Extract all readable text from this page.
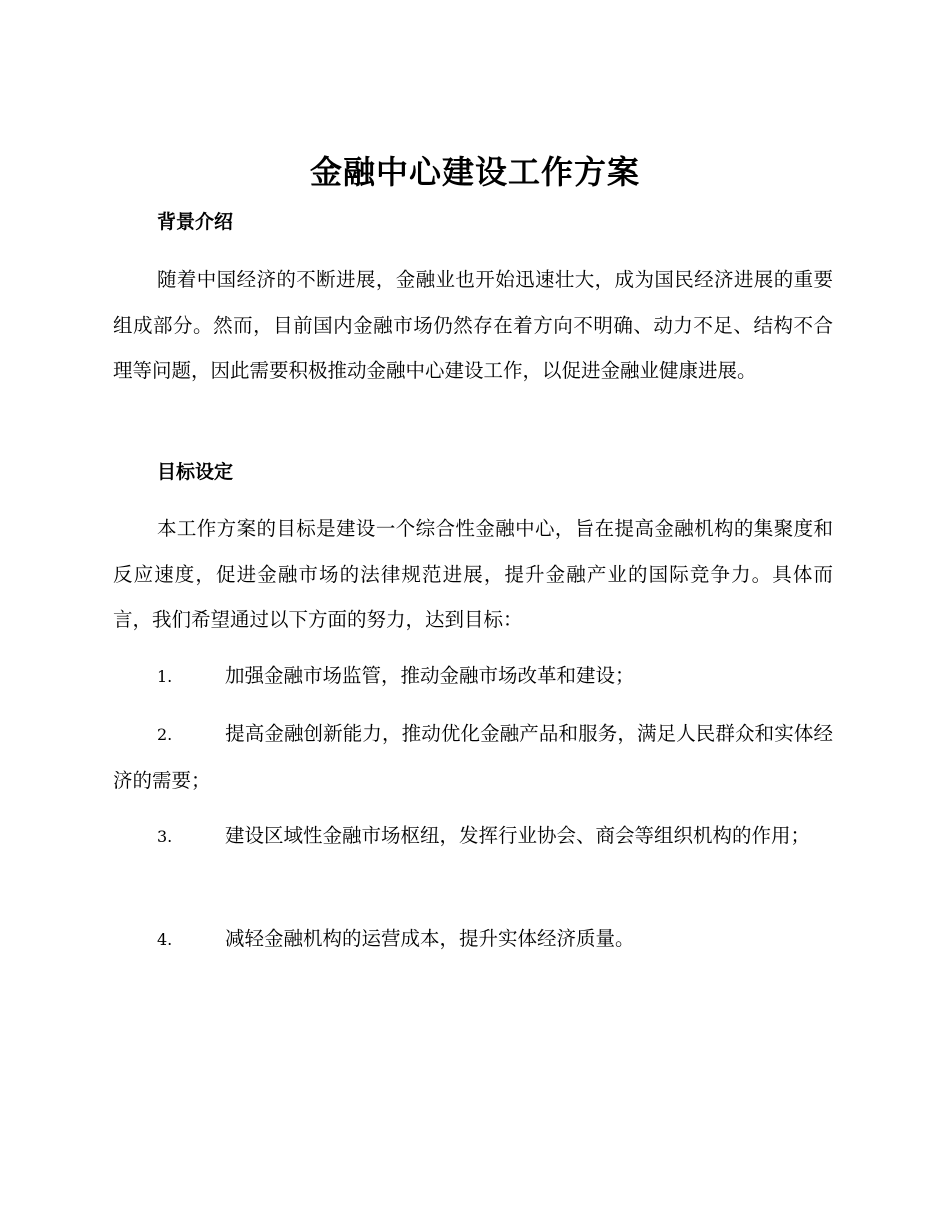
金融中心建设工作方案
背景介绍
随着中国经济的不断进展，金融业也开始迅速壮大，成为国民经济进展的重要组成部分。然而，目前国内金融市场仍然存在着方向不明确、动力不足、结构不合理等问题，因此需要积极推动金融中心建设工作，以促进金融业健康进展。
目标设定
本工作方案的目标是建设一个综合性金融中心，旨在提高金融机构的集聚度和反应速度，促进金融市场的法律规范进展，提升金融产业的国际竞争力。具体而言，我们希望通过以下方面的努力，达到目标：
1.	加强金融市场监管，推动金融市场改革和建设；
2.	提高金融创新能力，推动优化金融产品和服务，满足人民群众和实体经济的需要；
3.	建设区域性金融市场枢纽，发挥行业协会、商会等组织机构的作用；
4.	减轻金融机构的运营成本，提升实体经济质量。
